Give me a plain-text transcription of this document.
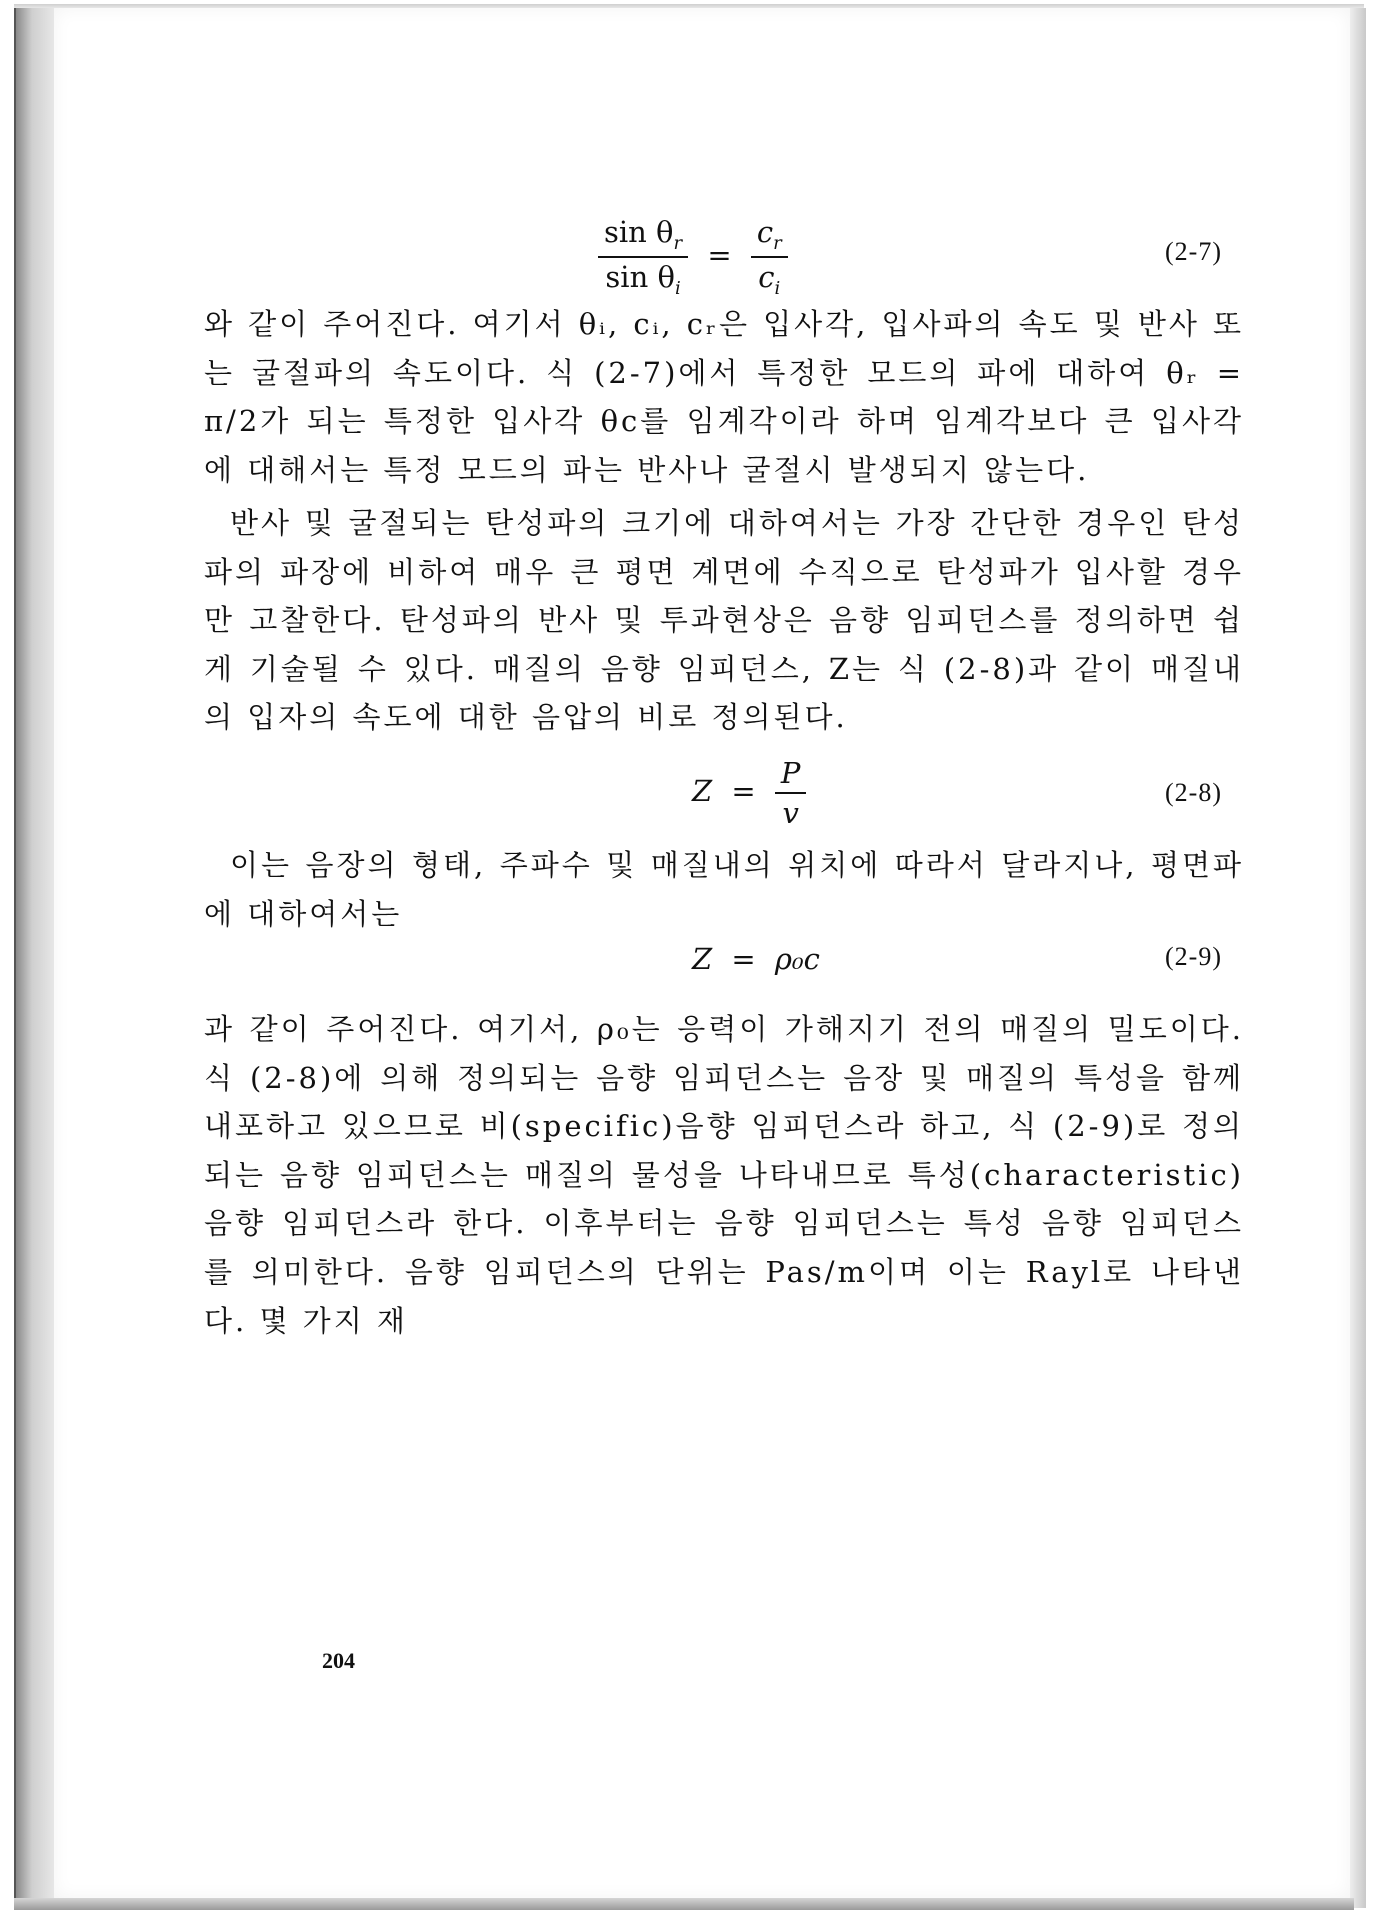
$\frac{\sin \theta_r}{\sin \theta_i} = \frac{c_r}{c_i}$	(2-7)
와 같이 주어진다. 여기서 θᵢ, cᵢ, cᵣ은 입사각, 입사파의 속도 및 반사 또는 굴절파의 속도이다. 식 (2-7)에서 특정한 모드의 파에 대하여 θᵣ = π/2가 되는 특정한 입사각 θc를 임계각이라 하며 임계각보다 큰 입사각에 대해서는 특정 모드의 파는 반사나 굴절시 발생되지 않는다.
반사 및 굴절되는 탄성파의 크기에 대하여서는 가장 간단한 경우인 탄성파의 파장에 비하여 매우 큰 평면 계면에 수직으로 탄성파가 입사할 경우만 고찰한다. 탄성파의 반사 및 투과현상은 음향 임피던스를 정의하면 쉽게 기술될 수 있다. 매질의 음향 임피던스, Z는 식 (2-8)과 같이 매질내의 입자의 속도에 대한 음압의 비로 정의된다.
$Z = \frac{P}{v}$	(2-8)
이는 음장의 형태, 주파수 및 매질내의 위치에 따라서 달라지나, 평면파에 대하여서는
Z = ρ₀c	(2-9)
과 같이 주어진다. 여기서, ρ₀는 응력이 가해지기 전의 매질의 밀도이다. 식 (2-8)에 의해 정의되는 음향 임피던스는 음장 및 매질의 특성을 함께 내포하고 있으므로 비(specific)음향 임피던스라 하고, 식 (2-9)로 정의되는 음향 임피던스는 매질의 물성을 나타내므로 특성(characteristic) 음향 임피던스라 한다. 이후부터는 음향 임피던스는 특성 음향 임피던스를 의미한다. 음향 임피던스의 단위는 Pas/m이며 이는 Rayl로 나타낸다. 몇 가지 재
204
